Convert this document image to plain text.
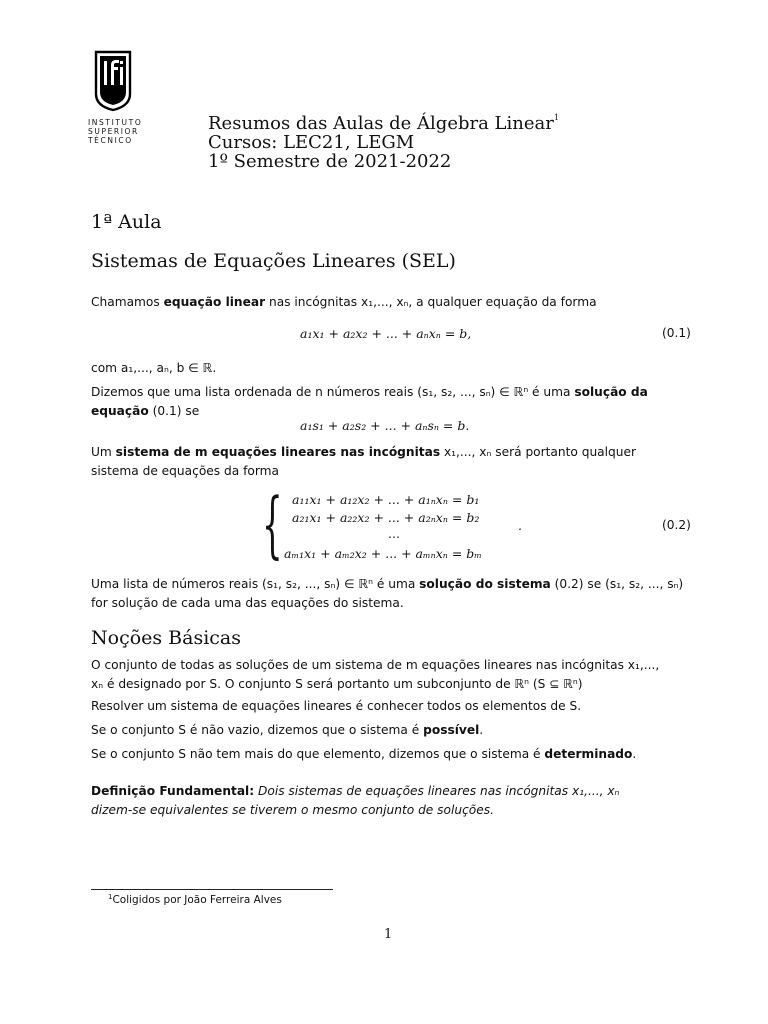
INSTITUTO
SUPERIOR
TÉCNICO
Resumos das Aulas de Álgebra Linear$^1$
Cursos: LEC21, LEGM
1º Semestre de 2021-2022
1ª Aula
Sistemas de Equações Lineares (SEL)
Chamamos equação linear nas incógnitas x₁,..., xₙ, a qualquer equação da forma
a₁x₁ + a₂x₂ + ... + aₙxₙ = b,	(0.1)
com a₁,..., aₙ, b ∈ ℝ.
Dizemos que uma lista ordenada de n números reais (s₁, s₂, ..., sₙ) ∈ ℝⁿ é uma solução da
equação (0.1) se
a₁s₁ + a₂s₂ + ... + aₙsₙ = b.
Um sistema de m equações lineares nas incógnitas x₁,..., xₙ será portanto qualquer
sistema de equações da forma
{ a₁₁x₁ + a₁₂x₂ + ... + a₁ₙxₙ = b₁
a₂₁x₁ + a₂₂x₂ + ... + a₂ₙxₙ = b₂
...
aₘ₁x₁ + aₘ₂x₂ + ... + aₘₙxₙ = bₘ
.	(0.2)
Uma lista de números reais (s₁, s₂, ..., sₙ) ∈ ℝⁿ é uma solução do sistema (0.2) se (s₁, s₂, ..., sₙ)
for solução de cada uma das equações do sistema.
Noções Básicas
O conjunto de todas as soluções de um sistema de m equações lineares nas incógnitas x₁,...,
xₙ é designado por S. O conjunto S será portanto um subconjunto de ℝⁿ (S ⊆ ℝⁿ)
Resolver um sistema de equações lineares é conhecer todos os elementos de S.
Se o conjunto S é não vazio, dizemos que o sistema é possível.
Se o conjunto S não tem mais do que elemento, dizemos que o sistema é determinado.
Definição Fundamental: Dois sistemas de equações lineares nas incógnitas x₁,..., xₙ
dizem-se equivalentes se tiverem o mesmo conjunto de soluções.
$^1$Coligidos por João Ferreira Alves
1
